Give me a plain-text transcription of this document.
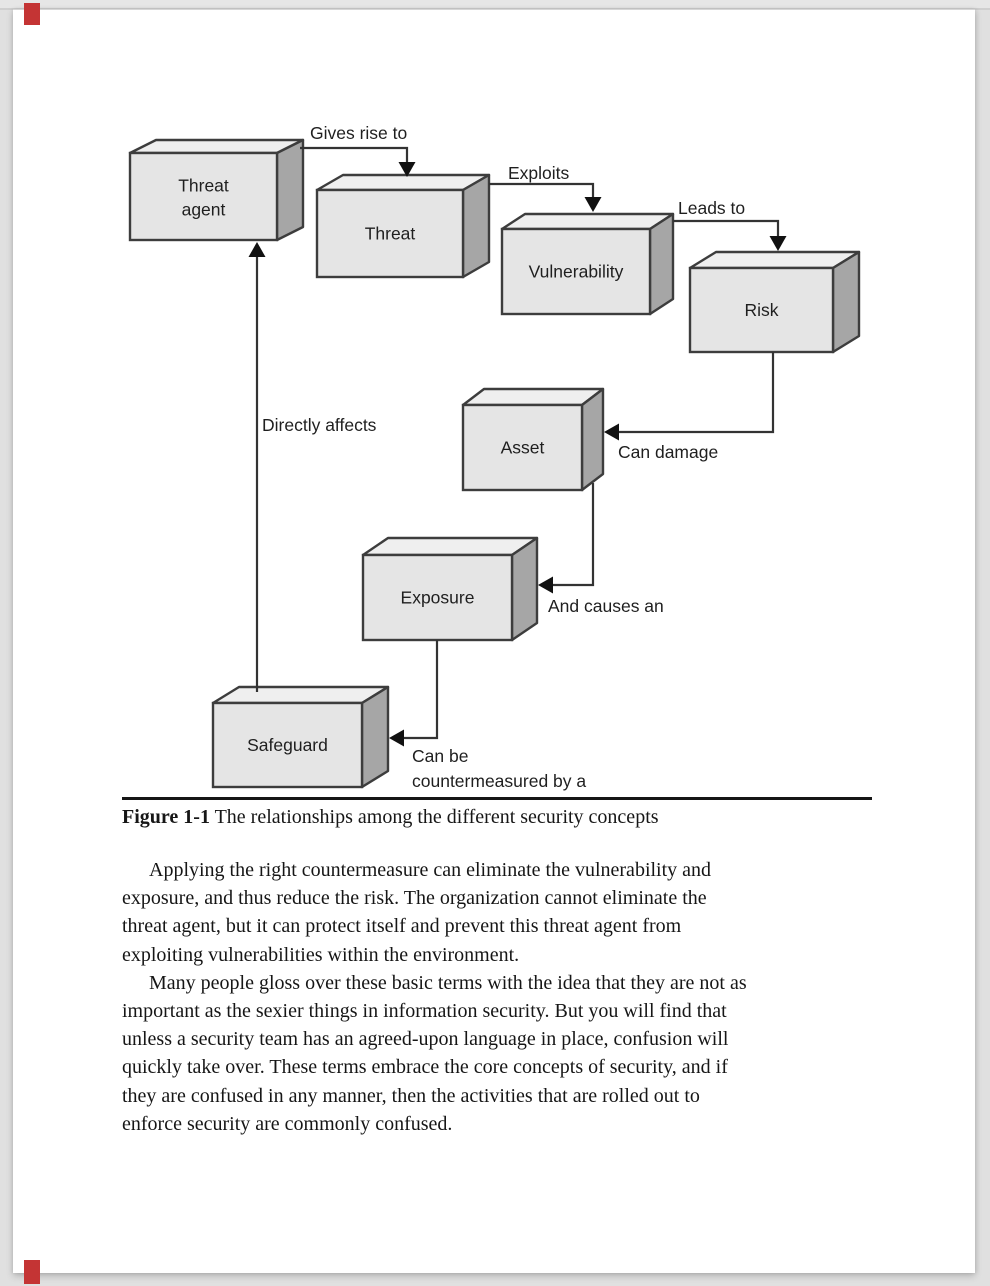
Threat
agent
Threat
Vulnerability
Risk
Asset
Exposure
Safeguard
Gives rise to
Exploits
Leads to
Directly affects
Can damage
And causes an
Can be
countermeasured by a
Figure 1-1 The relationships among the different security concepts
Applying the right countermeasure can eliminate the vulnerability and
exposure, and thus reduce the risk. The organization cannot eliminate the
threat agent, but it can protect itself and prevent this threat agent from
exploiting vulnerabilities within the environment.
Many people gloss over these basic terms with the idea that they are not as
important as the sexier things in information security. But you will find that
unless a security team has an agreed-upon language in place, confusion will
quickly take over. These terms embrace the core concepts of security, and if
they are confused in any manner, then the activities that are rolled out to
enforce security are commonly confused.
